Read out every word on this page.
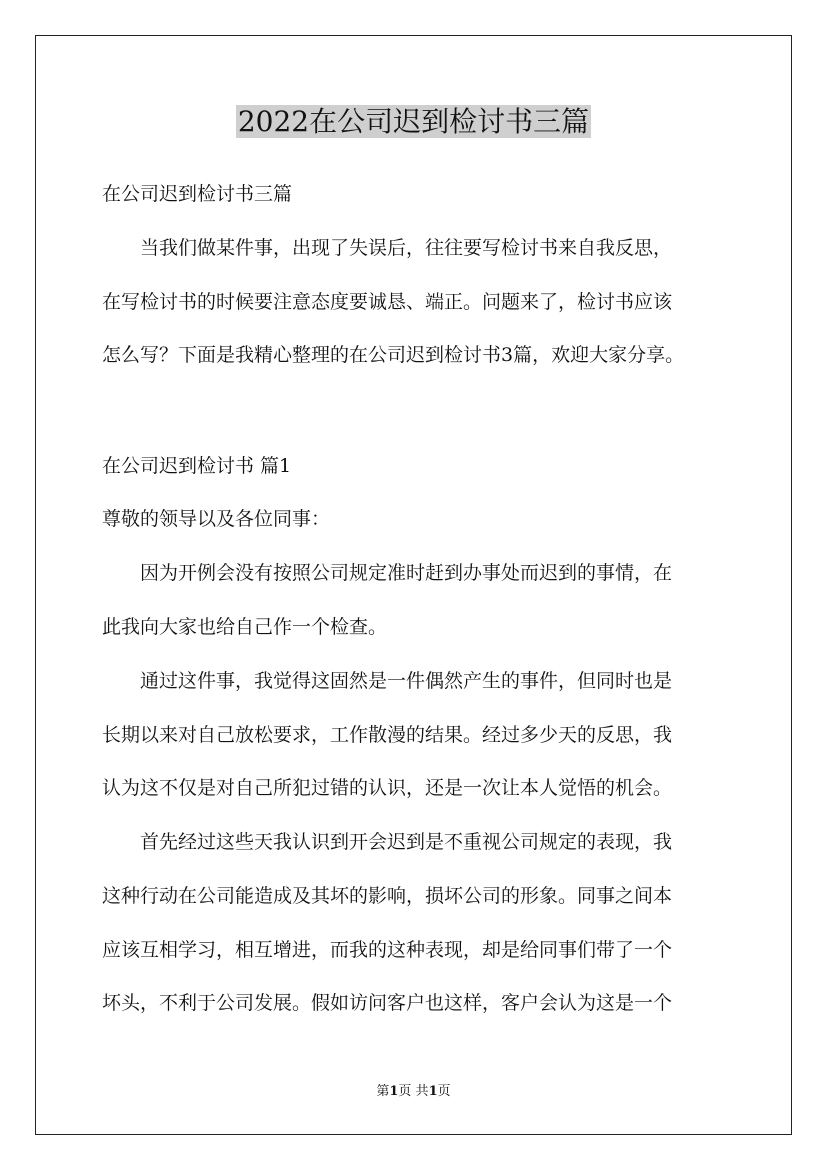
2022在公司迟到检讨书三篇

在公司迟到检讨书三篇

　　当我们做某件事，出现了失误后，往往要写检讨书来自我反思，

在写检讨书的时候要注意态度要诚恳、端正。问题来了，检讨书应该

怎么写？下面是我精心整理的在公司迟到检讨书3篇，欢迎大家分享。

在公司迟到检讨书 篇1

尊敬的领导以及各位同事：

　　因为开例会没有按照公司规定准时赶到办事处而迟到的事情，在

此我向大家也给自己作一个检查。

　　通过这件事，我觉得这固然是一件偶然产生的事件，但同时也是

长期以来对自己放松要求，工作散漫的结果。经过多少天的反思，我

认为这不仅是对自己所犯过错的认识，还是一次让本人觉悟的机会。

　　首先经过这些天我认识到开会迟到是不重视公司规定的表现，我

这种行动在公司能造成及其坏的影响，损坏公司的形象。同事之间本

应该互相学习，相互增进，而我的这种表现，却是给同事们带了一个

坏头，不利于公司发展。假如访问客户也这样，客户会认为这是一个

第1页 共1页
